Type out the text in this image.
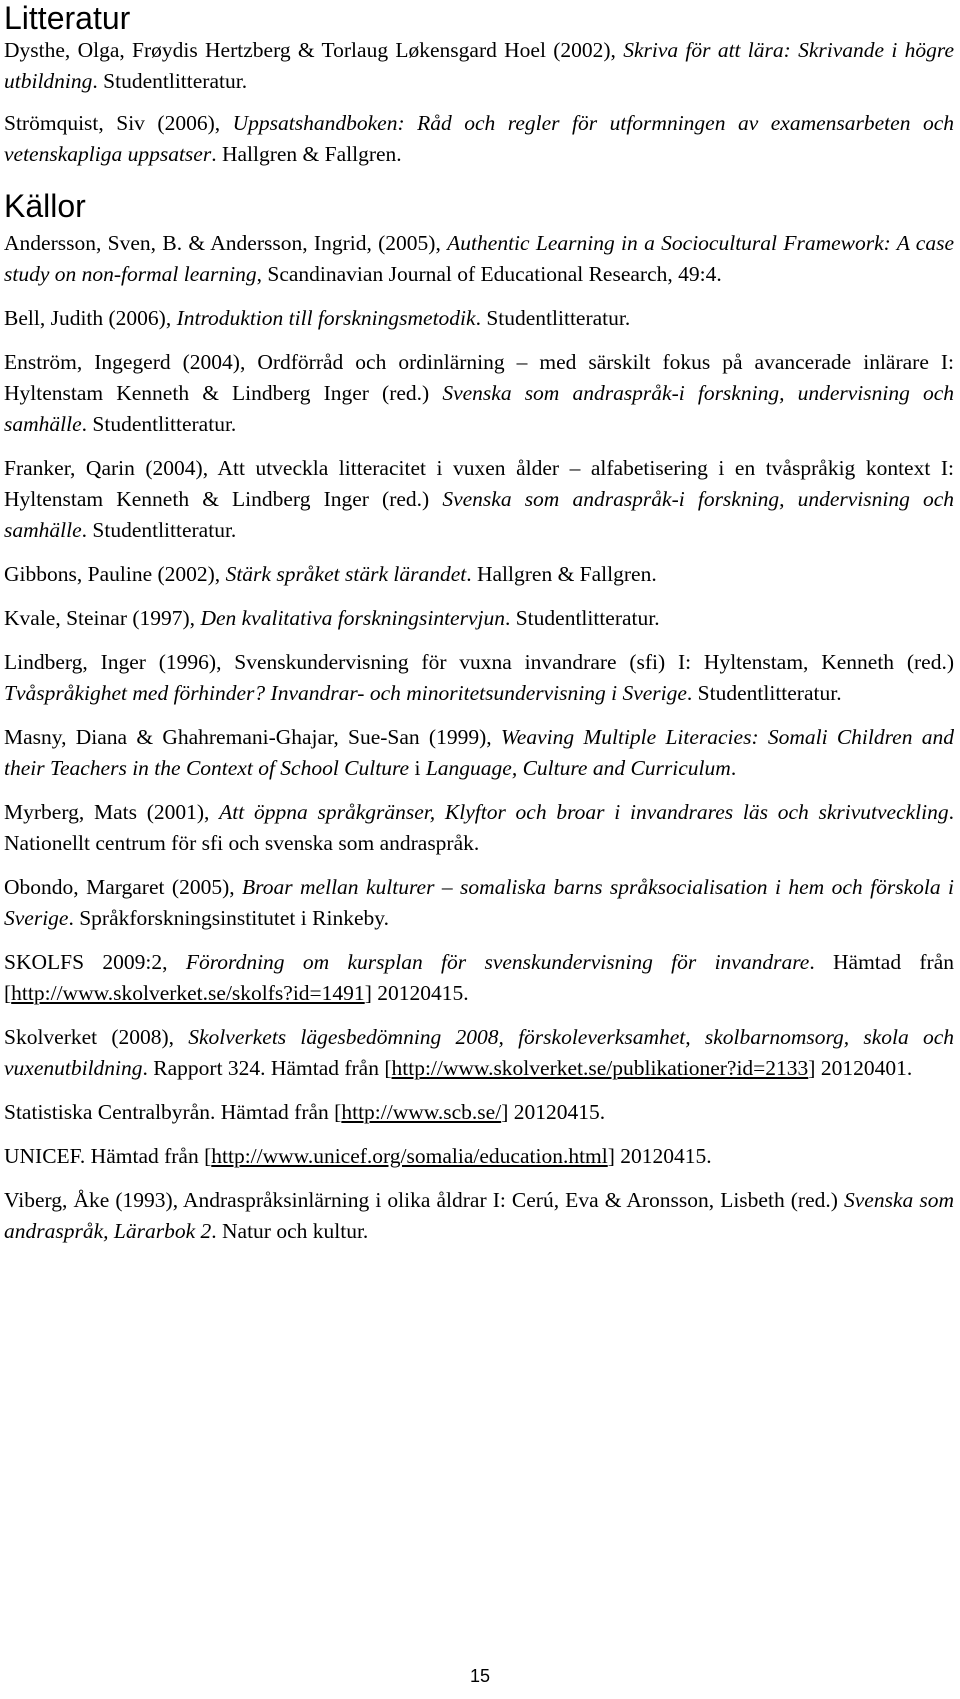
Litteratur

Dysthe, Olga, Frøydis Hertzberg & Torlaug Løkensgard Hoel (2002), Skriva för att lära: Skrivande i högre utbildning. Studentlitteratur.

Strömquist, Siv (2006), Uppsatshandboken: Råd och regler för utformningen av examensarbeten och vetenskapliga uppsatser. Hallgren & Fallgren.

Källor

Andersson, Sven, B. & Andersson, Ingrid, (2005), Authentic Learning in a Sociocultural Framework: A case study on non-formal learning, Scandinavian Journal of Educational Research, 49:4.

Bell, Judith (2006), Introduktion till forskningsmetodik. Studentlitteratur.

Enström, Ingegerd (2004), Ordförråd och ordinlärning – med särskilt fokus på avancerade inlärare I: Hyltenstam Kenneth & Lindberg Inger (red.) Svenska som andraspråk-i forskning, undervisning och samhälle. Studentlitteratur.

Franker, Qarin (2004), Att utveckla litteracitet i vuxen ålder – alfabetisering i en tvåspråkig kontext I: Hyltenstam Kenneth & Lindberg Inger (red.) Svenska som andraspråk-i forskning, undervisning och samhälle. Studentlitteratur.

Gibbons, Pauline (2002), Stärk språket stärk lärandet. Hallgren & Fallgren.

Kvale, Steinar (1997), Den kvalitativa forskningsintervjun. Studentlitteratur.

Lindberg, Inger (1996), Svenskundervisning för vuxna invandrare (sfi) I: Hyltenstam, Kenneth (red.) Tvåspråkighet med förhinder? Invandrar- och minoritetsundervisning i Sverige. Studentlitteratur.

Masny, Diana & Ghahremani-Ghajar, Sue-San (1999), Weaving Multiple Literacies: Somali Children and their Teachers in the Context of School Culture i Language, Culture and Curriculum.

Myrberg, Mats (2001), Att öppna språkgränser, Klyftor och broar i invandrares läs och skrivutveckling. Nationellt centrum för sfi och svenska som andraspråk.

Obondo, Margaret (2005), Broar mellan kulturer – somaliska barns språksocialisation i hem och förskola i Sverige. Språkforskningsinstitutet i Rinkeby.

SKOLFS 2009:2, Förordning om kursplan för svenskundervisning för invandrare. Hämtad från [http://www.skolverket.se/skolfs?id=1491] 20120415.

Skolverket (2008), Skolverkets lägesbedömning 2008, förskoleverksamhet, skolbarnomsorg, skola och vuxenutbildning. Rapport 324. Hämtad från [http://www.skolverket.se/publikationer?id=2133] 20120401.

Statistiska Centralbyrån. Hämtad från [http://www.scb.se/] 20120415.

UNICEF. Hämtad från [http://www.unicef.org/somalia/education.html] 20120415.

Viberg, Åke (1993), Andraspråksinlärning i olika åldrar I: Cerú, Eva & Aronsson, Lisbeth (red.) Svenska som andraspråk, Lärarbok 2. Natur och kultur.

15
